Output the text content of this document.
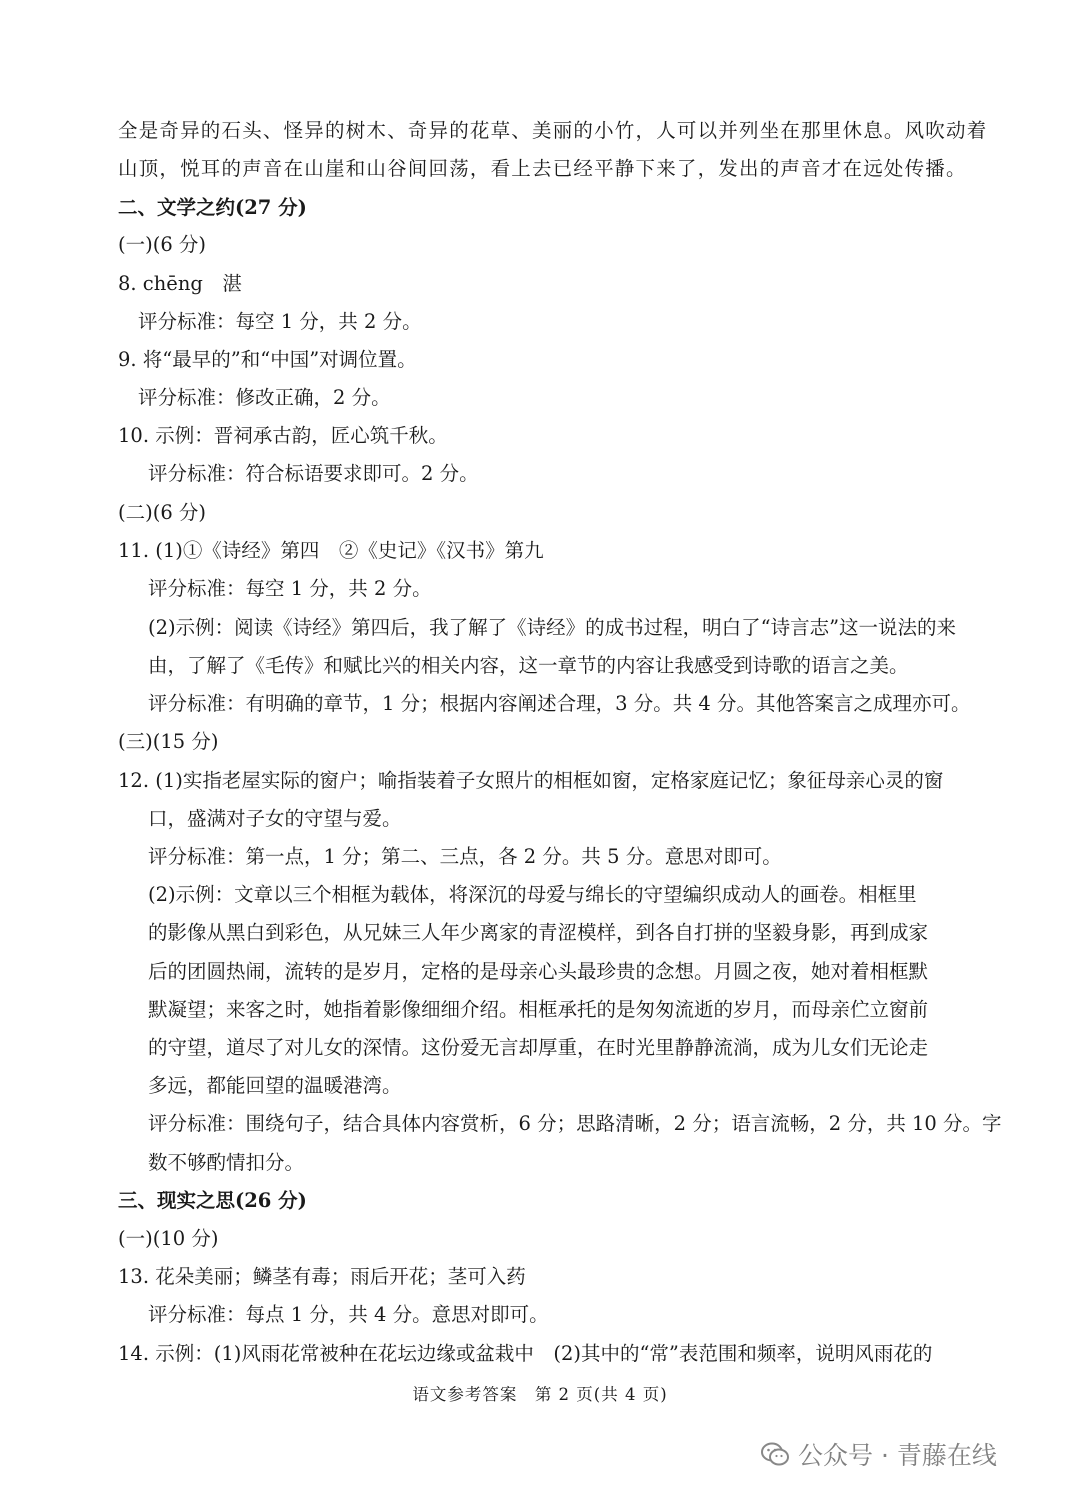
全是奇异的石头、怪异的树木、奇异的花草、美丽的小竹，人可以并列坐在那里休息。风吹动着
山顶，悦耳的声音在山崖和山谷间回荡，看上去已经平静下来了，发出的声音才在远处传播。
二、文学之约(27 分)
(一)(6 分)
8. chēng　湛
评分标准：每空 1 分，共 2 分。
9. 将“最早的”和“中国”对调位置。
评分标准：修改正确，2 分。
10. 示例：晋祠承古韵，匠心筑千秋。
评分标准：符合标语要求即可。2 分。
(二)(6 分)
11. (1)①《诗经》第四　②《史记》《汉书》第九
评分标准：每空 1 分，共 2 分。
(2)示例：阅读《诗经》第四后，我了解了《诗经》的成书过程，明白了“诗言志”这一说法的来
由，了解了《毛传》和赋比兴的相关内容，这一章节的内容让我感受到诗歌的语言之美。
评分标准：有明确的章节，1 分；根据内容阐述合理，3 分。共 4 分。其他答案言之成理亦可。
(三)(15 分)
12. (1)实指老屋实际的窗户；喻指装着子女照片的相框如窗，定格家庭记忆；象征母亲心灵的窗
口，盛满对子女的守望与爱。
评分标准：第一点，1 分；第二、三点，各 2 分。共 5 分。意思对即可。
(2)示例：文章以三个相框为载体，将深沉的母爱与绵长的守望编织成动人的画卷。相框里
的影像从黑白到彩色，从兄妹三人年少离家的青涩模样，到各自打拼的坚毅身影，再到成家
后的团圆热闹，流转的是岁月，定格的是母亲心头最珍贵的念想。月圆之夜，她对着相框默
默凝望；来客之时，她指着影像细细介绍。相框承托的是匆匆流逝的岁月，而母亲伫立窗前
的守望，道尽了对儿女的深情。这份爱无言却厚重，在时光里静静流淌，成为儿女们无论走
多远，都能回望的温暖港湾。
评分标准：围绕句子，结合具体内容赏析，6 分；思路清晰，2 分；语言流畅，2 分，共 10 分。字
数不够酌情扣分。
三、现实之思(26 分)
(一)(10 分)
13. 花朵美丽；鳞茎有毒；雨后开花；茎可入药
评分标准：每点 1 分，共 4 分。意思对即可。
14. 示例：(1)风雨花常被种在花坛边缘或盆栽中　(2)其中的“常”表范围和频率，说明风雨花的
语文参考答案　第 2 页(共 4 页)
公众号 · 青藤在线
